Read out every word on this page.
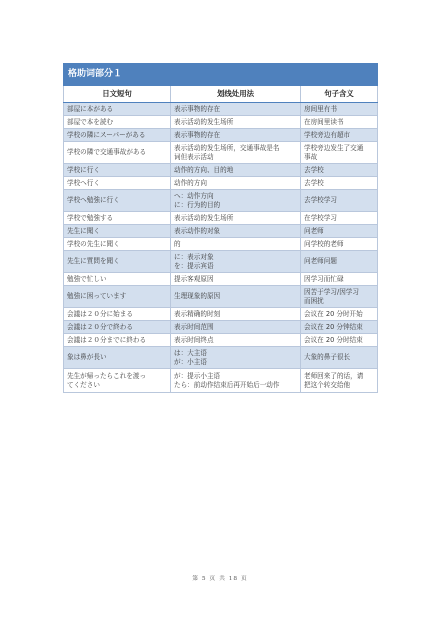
格助词部分１		
日文短句	划线处用法	句子含义

部屋に本がある	表示事物的存在	房间里有书

部屋で本を読む	表示活动的发生场所	在房间里读书

学校の隣にスーパーがある	表示事物的存在	学校旁边有超市

学校の隣で交通事故がある	表示活动的发生场所，交通事故是名
词但表示活动	学校旁边发生了交通
事故

学校に行く	动作的方向、目的地	去学校

学校へ行く	动作的方向	去学校

学校へ勉強に行く	へ：动作方向
に：行为的目的	去学校学习

学校で勉強する	表示活动的发生场所	在学校学习

先生に聞く	表示动作的对象	问老师

学校の先生に聞く	的	问学校的老师

先生に質問を聞く	に：表示对象
を：提示宾语	问老师问题

勉強で忙しい	提示客观原因	因学习而忙碌

勉強に困っています	生理现象的原因	因苦于学习/因学习
而困扰

会議は２０分に始まる	表示精确的时刻	会议在 20 分时开始

会議は２０分で終わる	表示时间范围	会议在 20 分钟结束

会議は２０分までに終わる	表示时间终点	会议在 20 分时结束

象は鼻が長い	は：大主语
が：小主语	大象的鼻子很长

先生が帰ったらこれを渡っ
てください	が：提示小主语
たら：前动作结束后再开始后一动作	老师回来了的话，请
把这个转交给他
第 5 页 共 18 页
